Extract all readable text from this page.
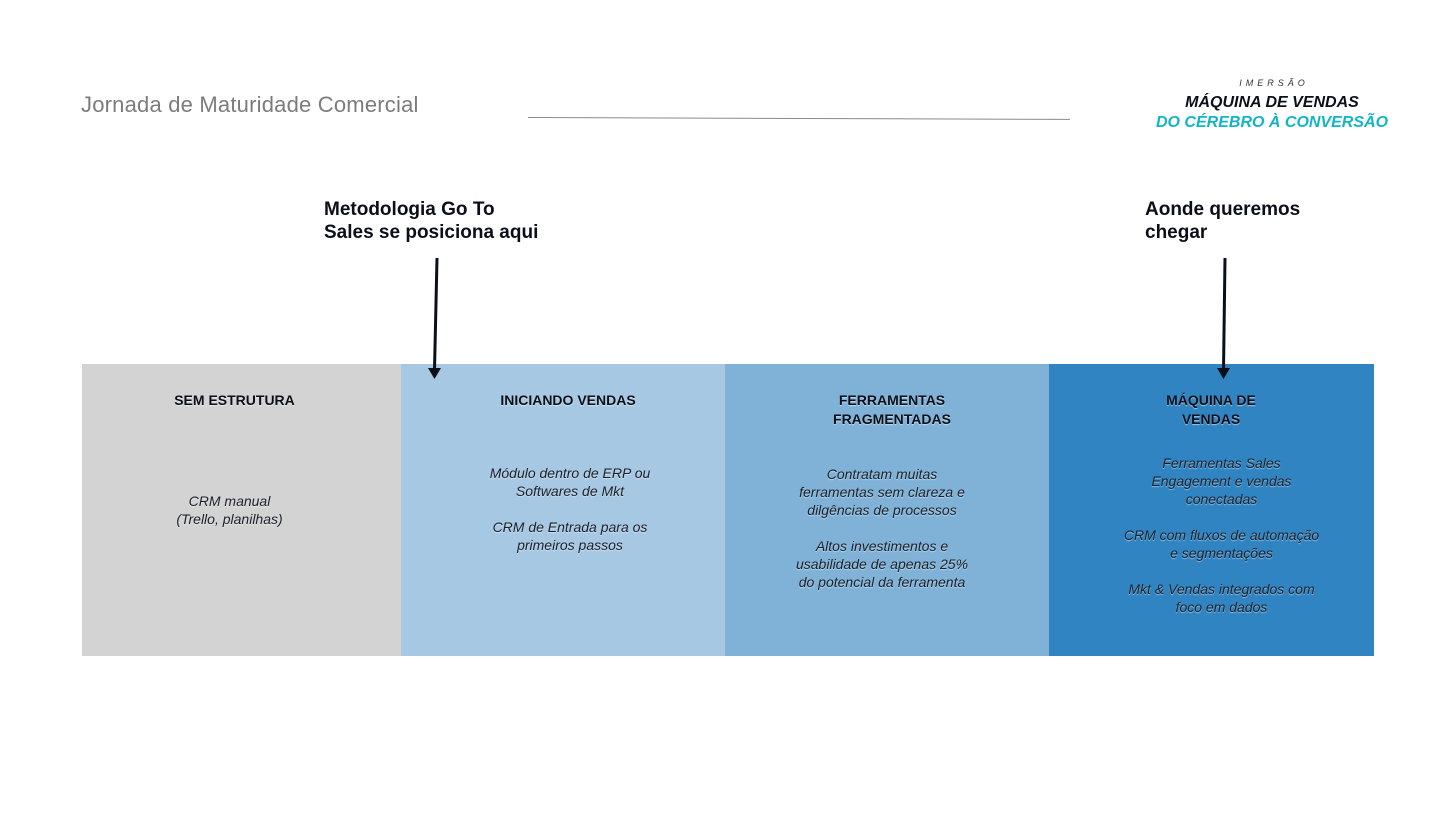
Jornada de Maturidade Comercial
IMERSÃO
MÁQUINA DE VENDAS
DO CÉREBRO À CONVERSÃO
Metodologia Go To
Sales se posiciona aqui
Aonde queremos
chegar
SEM ESTRUTURA

CRM manual
(Trello, planilhas)

INICIANDO VENDAS

Módulo dentro de ERP ou
Softwares de Mkt

CRM de Entrada para os
primeiros passos

FERRAMENTAS
FRAGMENTADAS

Contratam muitas
ferramentas sem clareza e
dilgências de processos

Altos investimentos e
usabilidade de apenas 25%
do potencial da ferramenta

MÁQUINA DE
VENDAS

Ferramentas Sales
Engagement e vendas
conectadas

CRM com fluxos de automação
e segmentações

Mkt & Vendas integrados com
foco em dados
